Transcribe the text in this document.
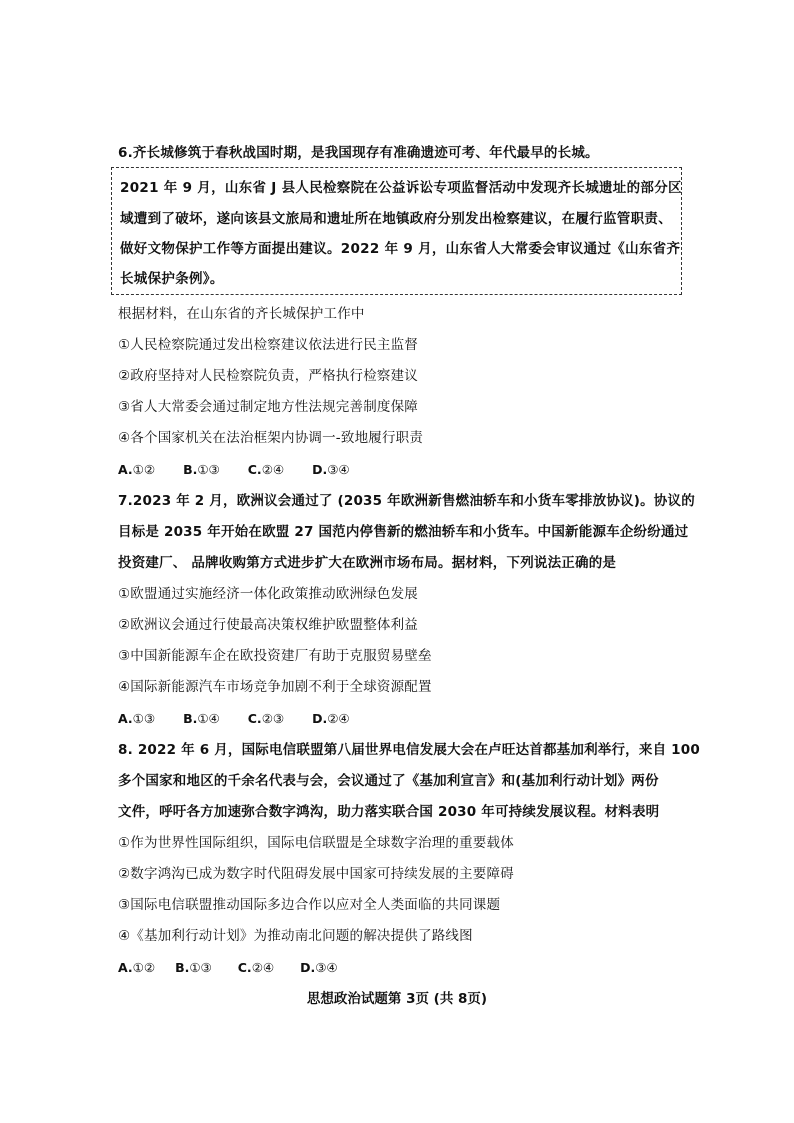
6.齐长城修筑于春秋战国时期，是我国现存有准确遗迹可考、年代最早的长城。
2021 年 9 月，山东省 J 县人民检察院在公益诉讼专项监督活动中发现齐长城遗址的部分区
域遭到了破坏，遂向该县文旅局和遗址所在地镇政府分别发出检察建议，在履行监管职责、
做好文物保护工作等方面提出建议。2022 年 9 月，山东省人大常委会审议通过《山东省齐
长城保护条例》。
根据材料，在山东省的齐长城保护工作中
①人民检察院通过发出检察建议依法进行民主监督
②政府坚持对人民检察院负责，严格执行检察建议
③省人大常委会通过制定地方性法规完善制度保障
④各个国家机关在法治框架内协调一-致地履行职责
A.①② B.①③ C.②④ D.③④
7.2023 年 2 月，欧洲议会通过了 (2035 年欧洲新售燃油轿车和小货车零排放协议)。协议的
目标是 2035 年开始在欧盟 27 国范内停售新的燃油轿车和小货车。中国新能源车企纷纷通过
投资建厂、 品牌收购第方式进步扩大在欧洲市场布局。据材料，下列说法正确的是
①欧盟通过实施经济一体化政策推动欧洲绿色发展
②欧洲议会通过行使最高决策权维护欧盟整体利益
③中国新能源车企在欧投资建厂有助于克服贸易壁垒
④国际新能源汽车市场竞争加剧不利于全球资源配置
A.①③ B.①④ C.②③ D.②④
8. 2022 年 6 月，国际电信联盟第八届世界电信发展大会在卢旺达首都基加利举行，来自 100
多个国家和地区的千余名代表与会，会议通过了《基加利宣言》和(基加利行动计划》两份
文件，呼吁各方加速弥合数字鸿沟，助力落实联合国 2030 年可持续发展议程。材料表明
①作为世界性国际组织，国际电信联盟是全球数字治理的重要载体
②数字鸿沟已成为数字时代阻碍发展中国家可持续发展的主要障碍
③国际电信联盟推动国际多边合作以应对全人类面临的共同课题
④《基加利行动计划》为推动南北问题的解决提供了路线图
A.①② B.①③ C.②④ D.③④
思想政治试题第 3页 (共 8页)
